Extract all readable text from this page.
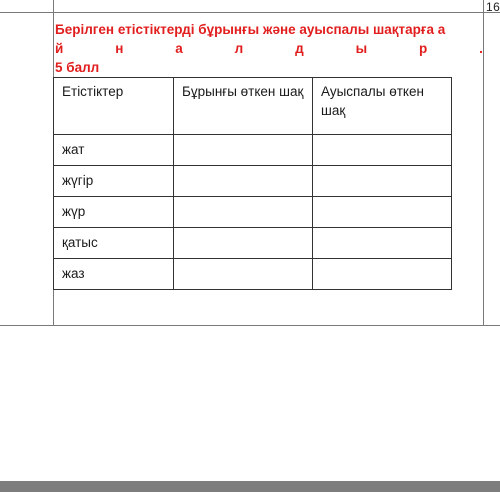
16
Берілген етістіктерді бұрынғы және ауыспалы шақтарға а
й	н	а	л	д	ы	р	.
5 балл
Етістіктер	Бұрынғы өткен шақ	Ауыспалы өткен шақ
жат		
жүгір		
жүр		
қатыс		
жаз		
